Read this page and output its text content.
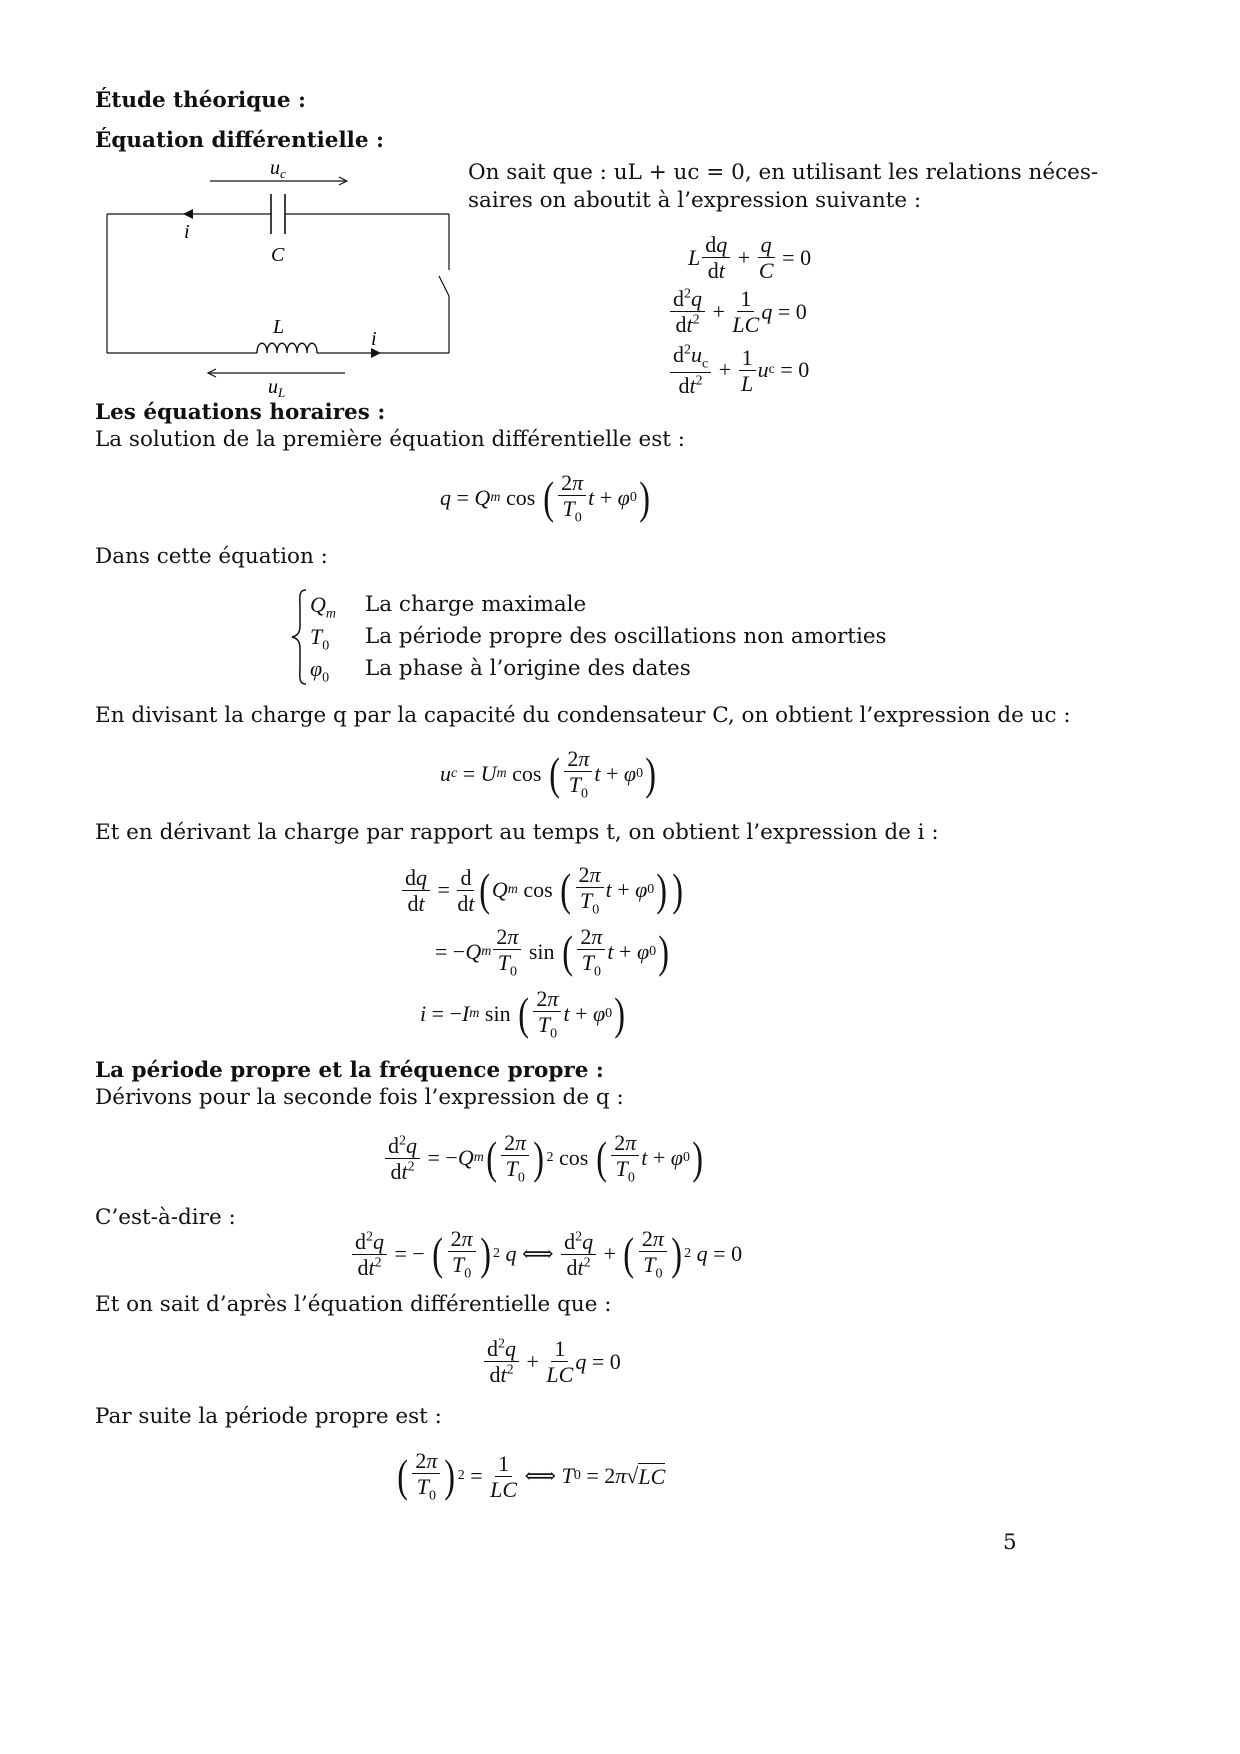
Étude théorique :
Équation différentielle :
$u_c$
i
C
L
i
$u_L$
On sait que : uL + uc = 0, en utilisant les relations néces-
saires on aboutit à l’expression suivante :
L $\frac{dq}{dt} + \frac{q}{C} = 0$
$\frac{d^2q}{dt^2} + \frac{1}{LC}$ q = 0
$\frac{d^2u_c}{dt^2} + \frac{1}{L}$ u c = 0
Les équations horaires :
La solution de la première équation différentielle est :
q = Q m cos ( $\frac{2\pi}{T_0}$ t + φ 0 )
Dans cette équation :
$Q_m$ La charge maximale
$T_0$ La période propre des oscillations non amorties
$\varphi_0$ La phase à l’origine des dates
En divisant la charge q par la capacité du condensateur C, on obtient l’expression de uc :
u c = U m cos ( $\frac{2\pi}{T_0}$ t + φ 0 )
Et en dérivant la charge par rapport au temps t, on obtient l’expression de i :
$\frac{dq}{dt} = \frac{d}{dt}$ ( Q m cos ( $\frac{2\pi}{T_0}$ t + φ 0 ) )
= − Q m $\frac{2\pi}{T_0}$ sin ( $\frac{2\pi}{T_0}$ t + φ 0 )
i = − I m sin ( $\frac{2\pi}{T_0}$ t + φ 0 )
La période propre et la fréquence propre :
Dérivons pour la seconde fois l’expression de q :
$\frac{d^2q}{dt^2}$ = − Q m ( $\frac{2\pi}{T_0}$ ) 2 cos ( $\frac{2\pi}{T_0}$ t + φ 0 )
C’est-à-dire :
$\frac{d^2q}{dt^2}$ = − ( $\frac{2\pi}{T_0}$ ) 2
q ⟺ $\frac{d^2q}{dt^2}$ + ( $\frac{2\pi}{T_0}$ ) 2
q = 0
Et on sait d’après l’équation différentielle que :
$\frac{d^2q}{dt^2} + \frac{1}{LC}$ q = 0
Par suite la période propre est :
( $\frac{2\pi}{T_0}$ ) $2 = \frac{1}{LC}$ ⟺ T 0 = 2 π √ LC
5
